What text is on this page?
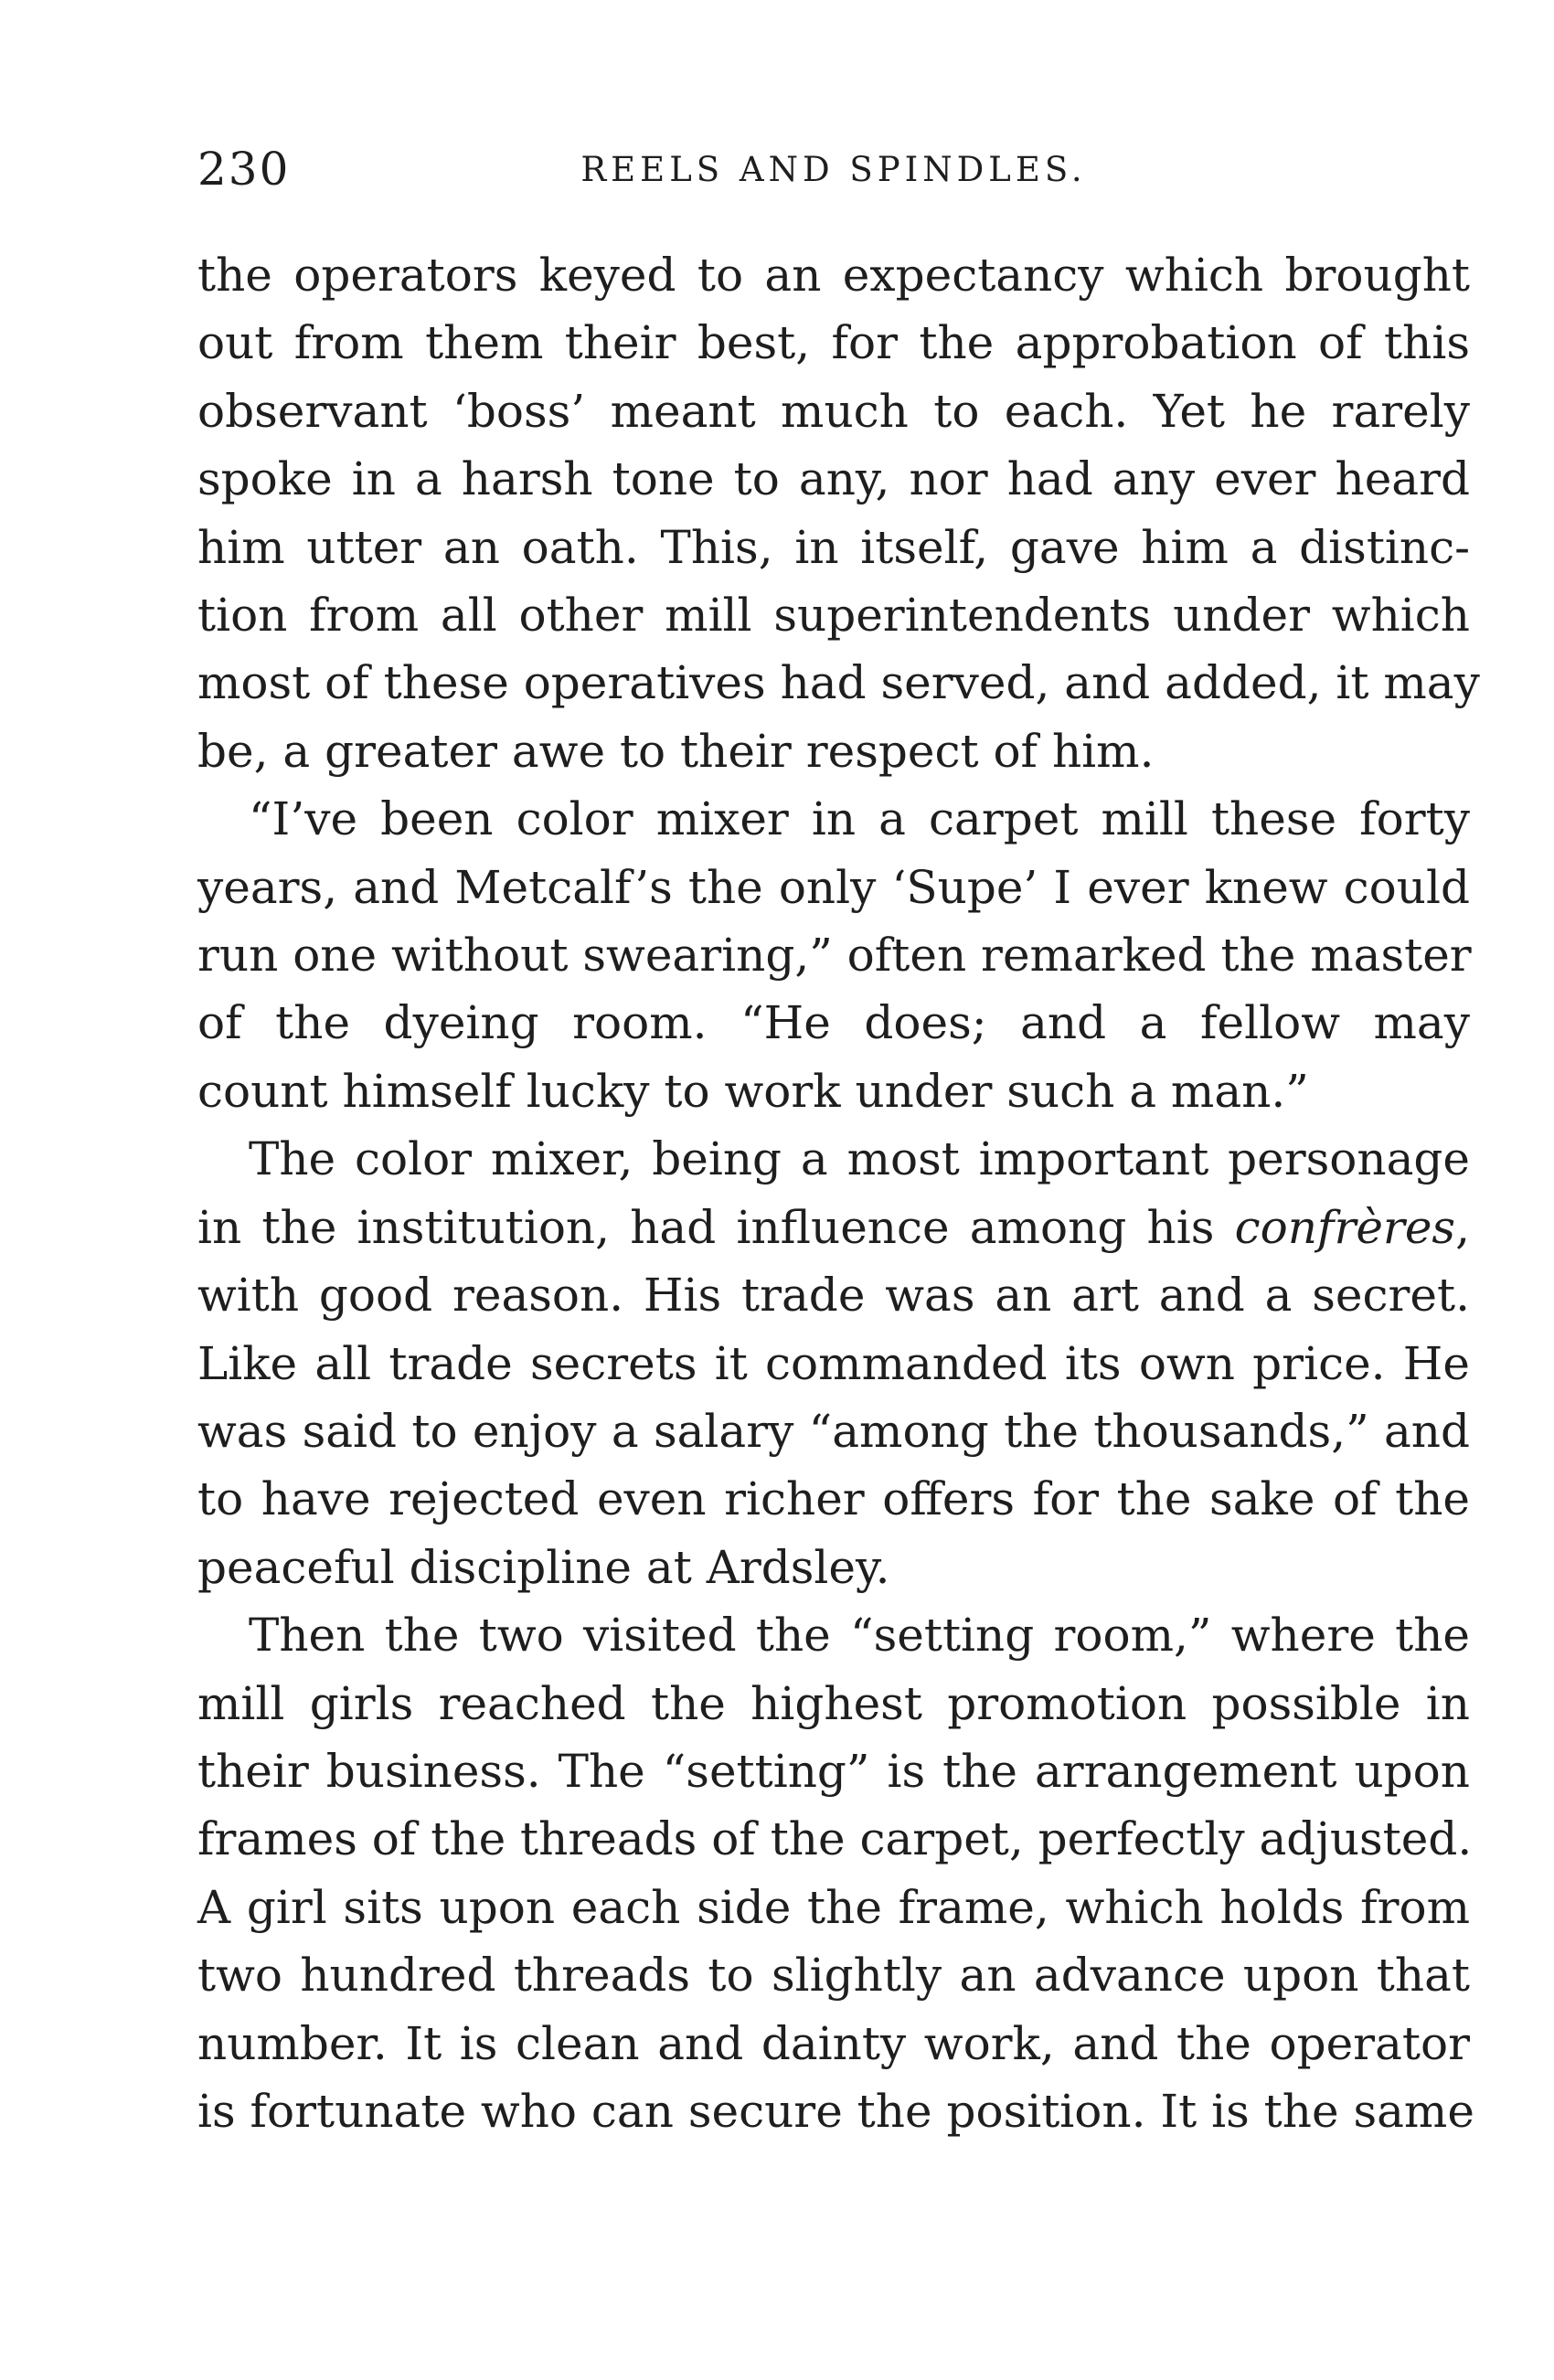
230	REELS AND SPINDLES.

the operators keyed to an expectancy which brought
out from them their best, for the approbation of this
observant ‘boss’ meant much to each. Yet he rarely
spoke in a harsh tone to any, nor had any ever heard
him utter an oath. This, in itself, gave him a distinc-
tion from all other mill superintendents under which
most of these operatives had served, and added, it may
be, a greater awe to their respect of him.

“I’ve been color mixer in a carpet mill these forty
years, and Metcalf’s the only ‘Supe’ I ever knew could
run one without swearing,” often remarked the master
of the dyeing room. “He does; and a fellow may
count himself lucky to work under such a man.”

The color mixer, being a most important personage
in the institution, had influence among his confrères,
with good reason. His trade was an art and a secret.
Like all trade secrets it commanded its own price. He
was said to enjoy a salary “among the thousands,” and
to have rejected even richer offers for the sake of the
peaceful discipline at Ardsley.

Then the two visited the “setting room,” where the
mill girls reached the highest promotion possible in
their business. The “setting” is the arrangement upon
frames of the threads of the carpet, perfectly adjusted.
A girl sits upon each side the frame, which holds from
two hundred threads to slightly an advance upon that
number. It is clean and dainty work, and the operator
is fortunate who can secure the position. It is the same
